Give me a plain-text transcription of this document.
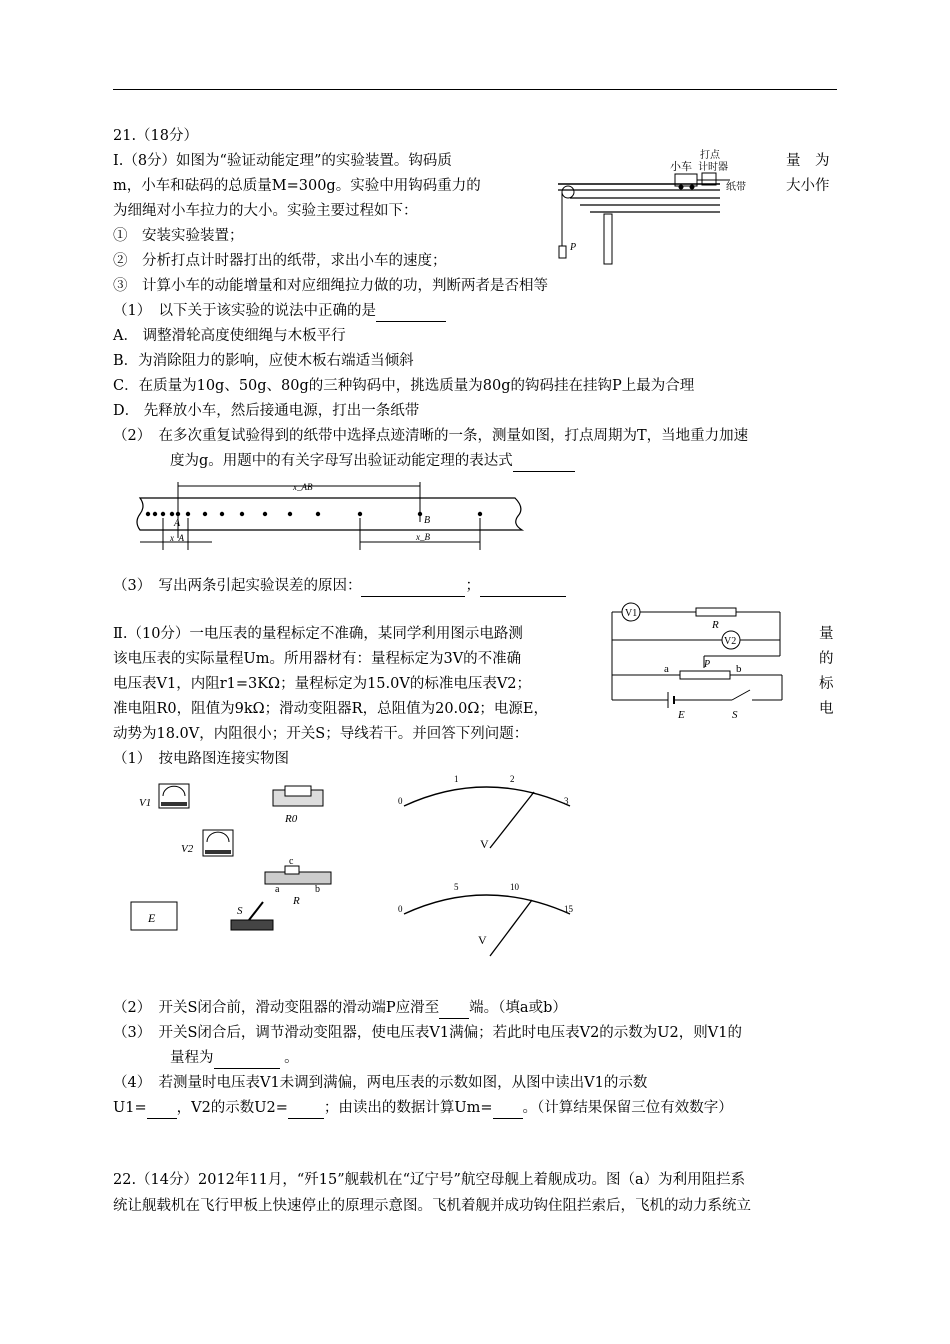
21.（18分）
Ⅰ.（8分）如图为“验证动能定理”的实验装置。钩码质	量　为
m，小车和砝码的总质量M=300g。实验中用钩码重力的	大小作
为细绳对小车拉力的大小。实验主要过程如下：
①　安装实验装置；
②　分析打点计时器打出的纸带，求出小车的速度；
③　计算小车的动能增量和对应细绳拉力做的功，判断两者是否相等
（1）　以下关于该实验的说法中正确的是
A． 调整滑轮高度使细绳与木板平行
B．为消除阻力的影响，应使木板右端适当倾斜
C．在质量为10g、50g、80g的三种钩码中，挑选质量为80g的钩码挂在挂钩P上最为合理
D． 先释放小车，然后接通电源，打出一条纸带
（2）　在多次重复试验得到的纸带中选择点迹清晰的一条，测量如图，打点周期为T，当地重力加速
度为g。用题中的有关字母写出验证动能定理的表达式
（3）　写出两条引起实验误差的原因：	；
P
小车
打点
计时器
纸带
x_AB
A	B
x_A	x_B
Ⅱ.（10分）一电压表的量程标定不准确，某同学利用图示电路测	量
该电压表的实际量程Um。所用器材有：量程标定为3V的不准确	的
电压表V1，内阻r1=3KΩ；量程标定为15.0V的标准电压表V2；	标
准电阻R0，阻值为9kΩ；滑动变阻器R，总阻值为20.0Ω；电源E，	电
动势为18.0V，内阻很小；开关S；导线若干。并回答下列问题：
（1）　按电路图连接实物图
V1
R
V2
P
a	b
E	S
V1
R0
V2
c
a	b
R
E	S
0
1	2
3
V
0
5	10
15
V
（2）　开关S闭合前，滑动变阻器的滑动端P应滑至 端。（填a或b）
（3）　开关S闭合后，调节滑动变阻器，使电压表V1满偏；若此时电压表V2的示数为U2，则V1的
量程为	。
（4）　若测量时电压表V1未调到满偏，两电压表的示数如图，从图中读出V1的示数
U1= ，V2的示数U2= ；由读出的数据计算Um= 。（计算结果保留三位有效数字）
22.（14分）2012年11月，“歼15”舰载机在“辽宁号”航空母舰上着舰成功。图（a）为利用阻拦系
统让舰载机在飞行甲板上快速停止的原理示意图。飞机着舰并成功钩住阻拦索后，飞机的动力系统立
